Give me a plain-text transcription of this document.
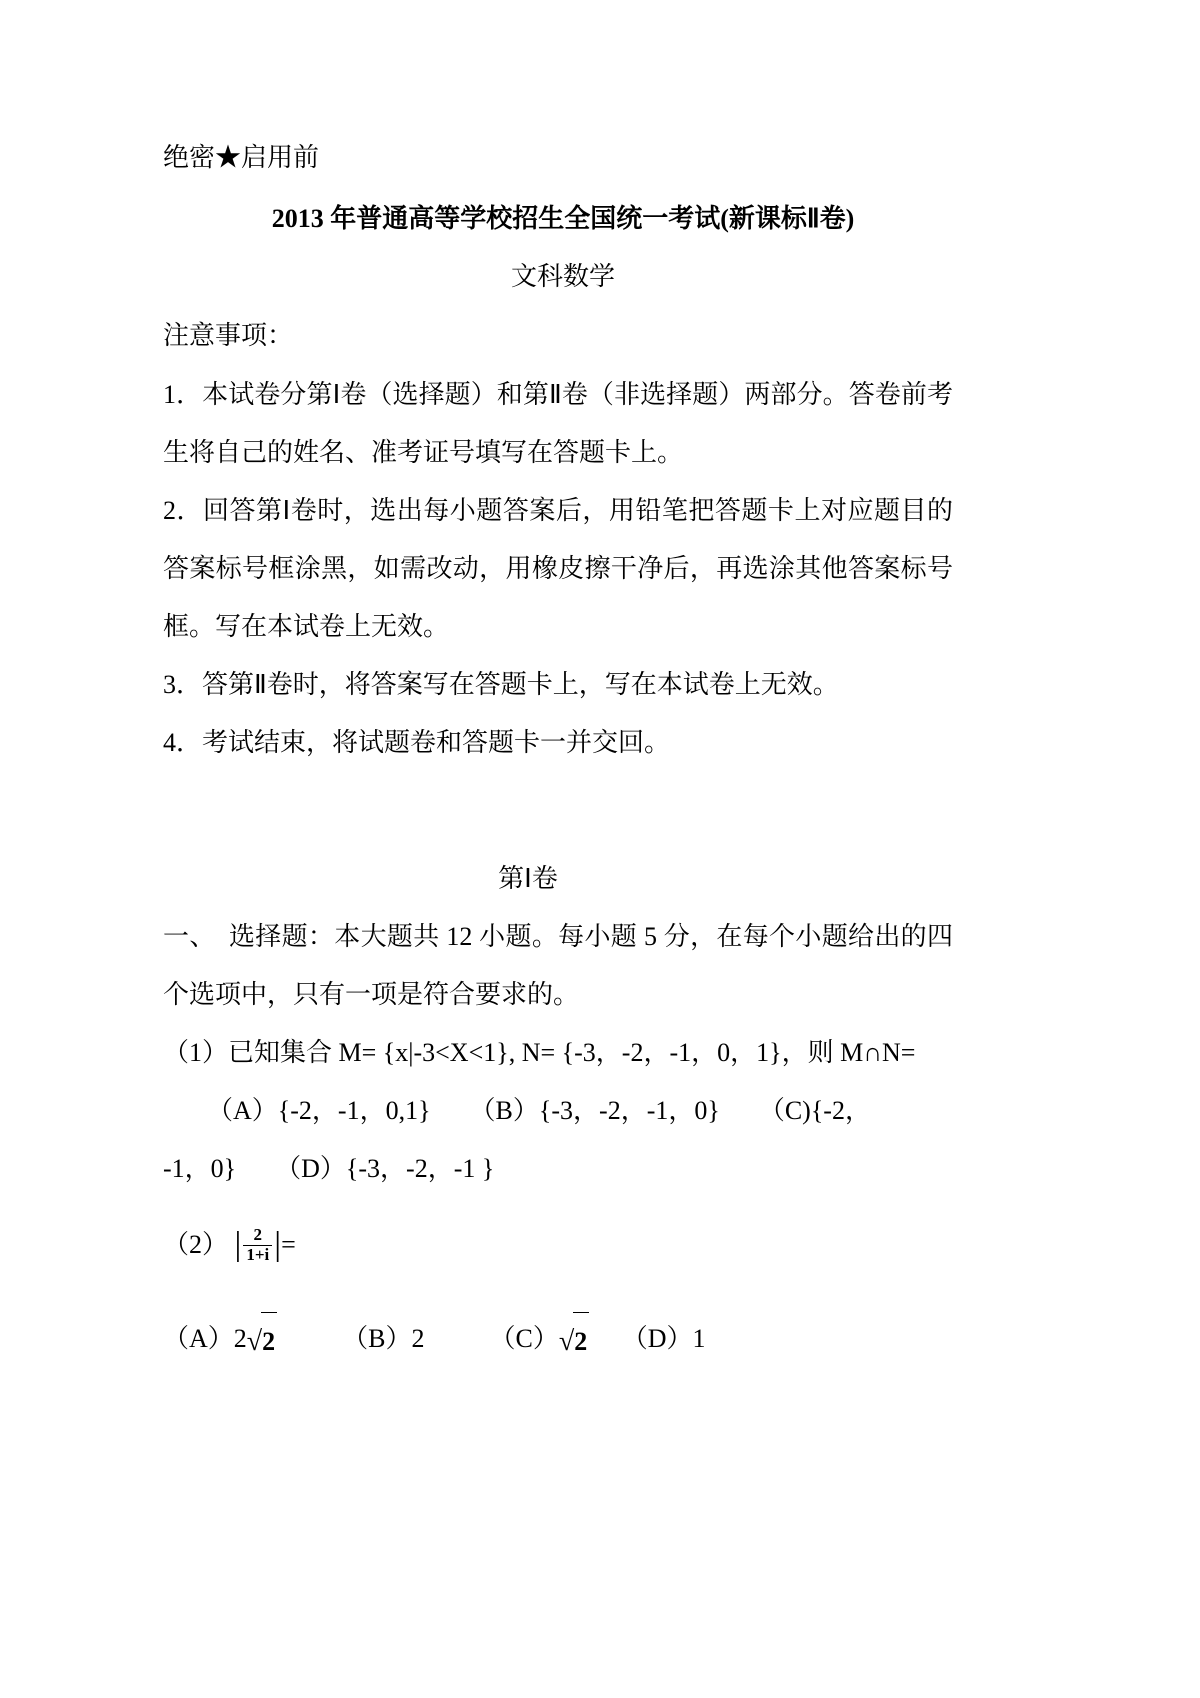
绝密★启用前
2013 年普通高等学校招生全国统一考试(新课标Ⅱ卷)
文科数学
注意事项：
1．本试卷分第Ⅰ卷（选择题）和第Ⅱ卷（非选择题）两部分。答卷前考生将自己的姓名、准考证号填写在答题卡上。
2．回答第Ⅰ卷时，选出每小题答案后，用铅笔把答题卡上对应题目的答案标号框涂黑，如需改动，用橡皮擦干净后，再选涂其他答案标号框。写在本试卷上无效。
3．答第Ⅱ卷时，将答案写在答题卡上，写在本试卷上无效。
4．考试结束，将试题卷和答题卡一并交回。
第Ⅰ卷
一、　选择题：本大题共 12 小题。每小题 5 分，在每个小题给出的四个选项中，只有一项是符合要求的。
（1）已知集合 M= {x|-3<X<1}, N= {-3，-2，-1，0，1}，则 M∩N=
（A）{-2，-1，0,1}　　（B）{-3，-2，-1，0}　　（C){-2，
-1，0}　　（D）{-3，-2，-1 }
（2） | $\frac{2}{1+i}$ |=
（A）2√2	（B）2	（C）√2 （D）1
